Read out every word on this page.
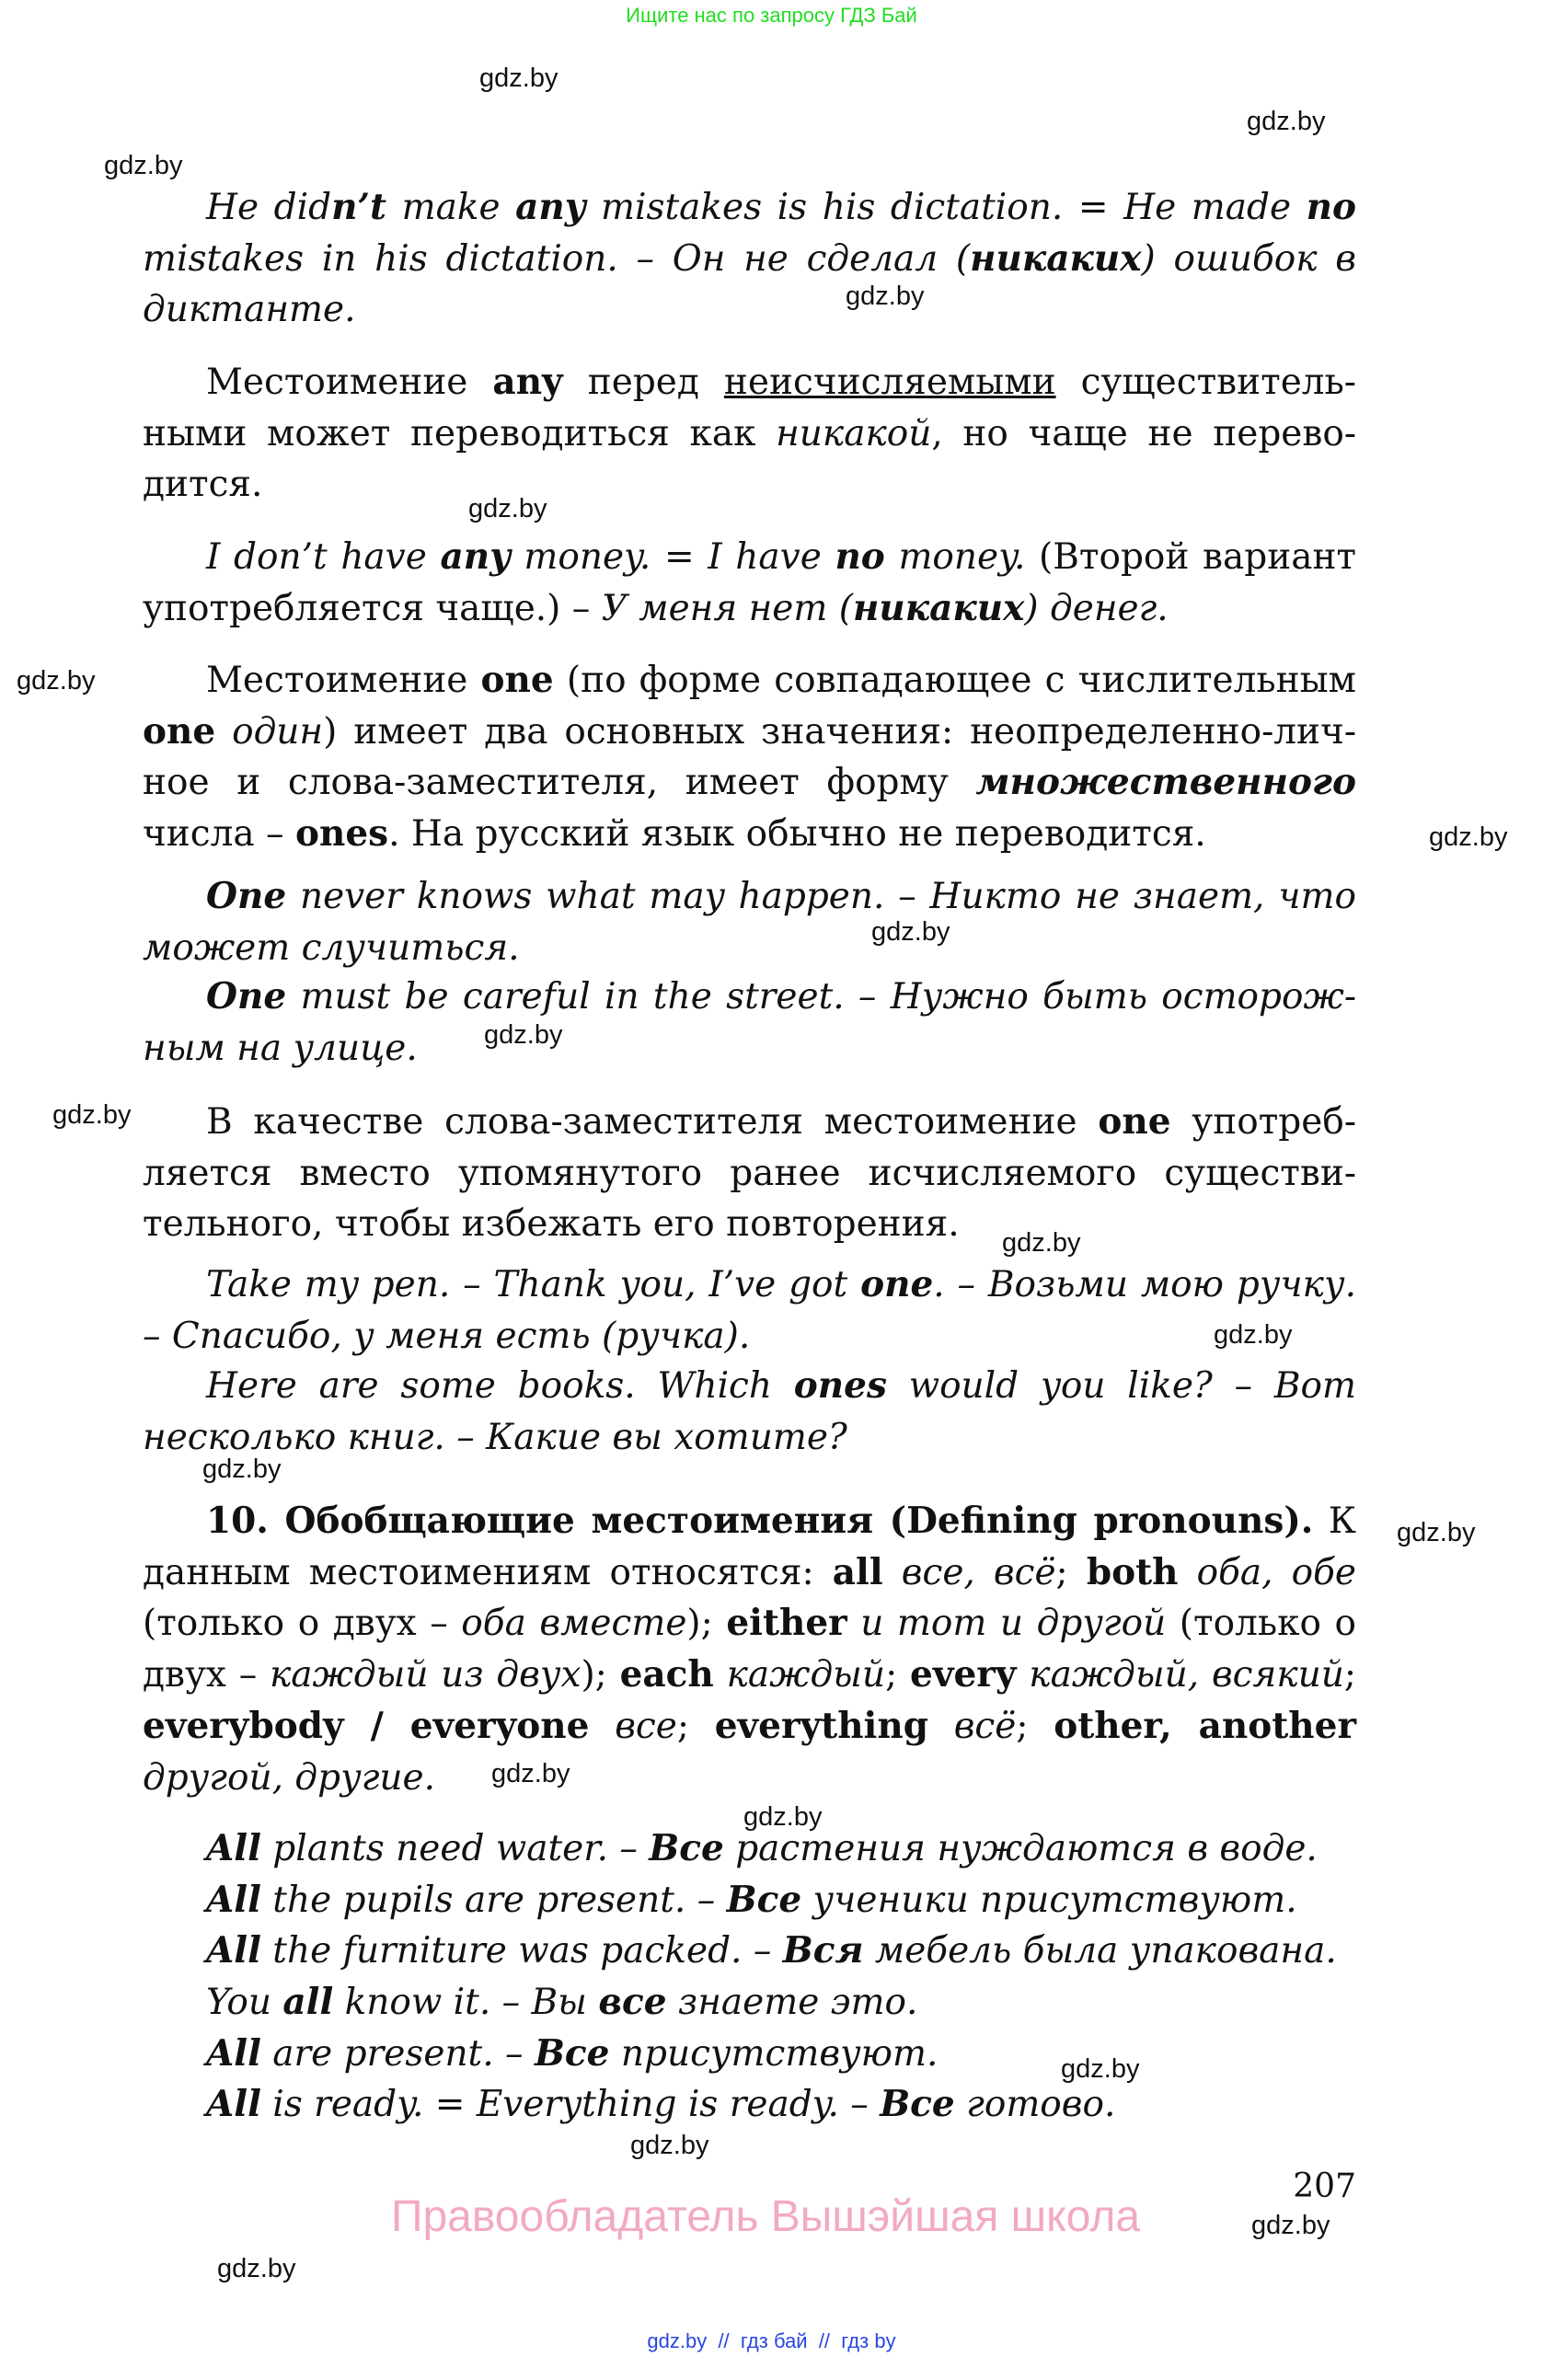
Ищите нас по запросу ГДЗ Бай
gdz.by
gdz.by
gdz.by
gdz.by
gdz.by
gdz.by
gdz.by
gdz.by
gdz.by
gdz.by
gdz.by
gdz.by
gdz.by
gdz.by
gdz.by
gdz.by
gdz.by
gdz.by
gdz.by
gdz.by
He didn’t make any mistakes is his dictation. = He made no mistakes in his dictation. – Он не сделал (никаких) ошибок в диктанте.
Местоимение any перед неисчисляемыми существительными может переводиться как никакой, но чаще не переводится.
I don’t have any money. = I have no money. (Второй вариант употребляется чаще.) – У меня нет (никаких) денег.
Местоимение one (по форме совпадающее с числительным one один) имеет два основных значения: неопределенно-личное и слова-заместителя, имеет форму множественного числа – ones. На русский язык обычно не переводится.
One never knows what may happen. – Никто не знает, что может случиться.
One must be careful in the street. – Нужно быть осторожным на улице.
В качестве слова-заместителя местоимение one употребляется вместо упомянутого ранее исчисляемого существительного, чтобы избежать его повторения.
Take my pen. – Thank you, I’ve got one. – Возьми мою ручку. – Спасибо, у меня есть (ручка).
Here are some books. Which ones would you like? – Вот несколько книг. – Какие вы хотите?
10. Обобщающие местоимения (Defining pronouns). К данным местоимениям относятся: all все, всё; both оба, обе (только о двух – оба вместе); either и тот и другой (только о двух – каждый из двух); each каждый; every каждый, всякий; everybody / everyone все; everything всё; other, another другой, другие.
All plants need water. – Все растения нуждаются в воде.
All the pupils are present. – Все ученики присутствуют.
All the furniture was packed. – Вся мебель была упакована.
You all know it. – Вы все знаете это.
All are present. – Все присутствуют.
All is ready. = Everything is ready. – Все готово.
207
Правообладатель Вышэйшая школа
gdz.by  //  гдз бай  //  гдз by
